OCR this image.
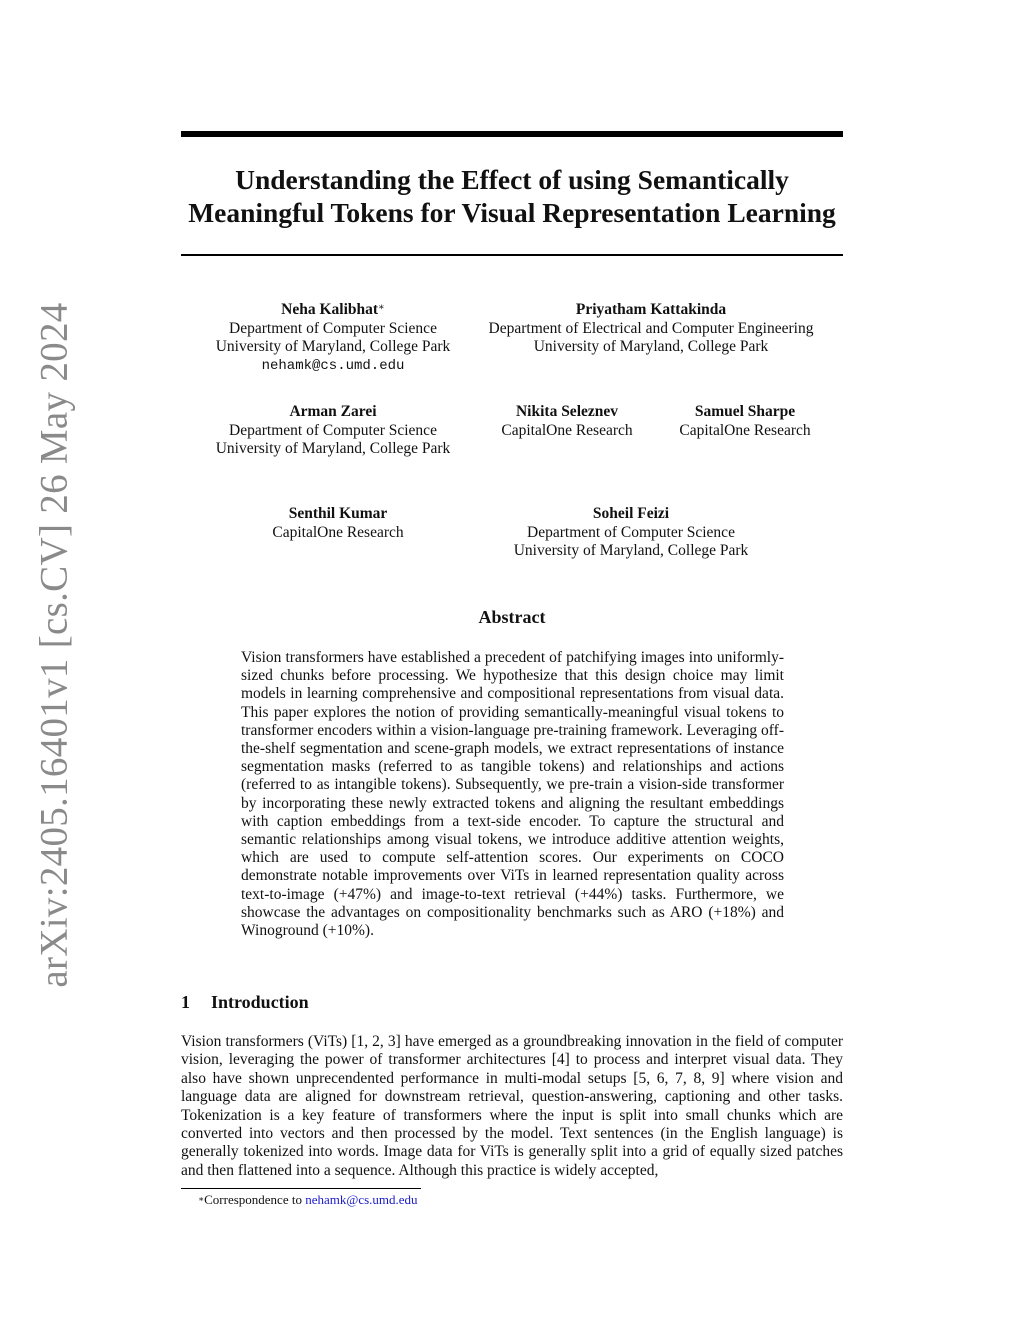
arXiv:2405.16401v1 [cs.CV] 26 May 2024
Understanding the Effect of using Semantically
Meaningful Tokens for Visual Representation Learning
Neha Kalibhat∗
Department of Computer Science
University of Maryland, College Park
nehamk@cs.umd.edu
Priyatham Kattakinda
Department of Electrical and Computer Engineering
University of Maryland, College Park
Arman Zarei
Department of Computer Science
University of Maryland, College Park
Nikita Seleznev
CapitalOne Research
Samuel Sharpe
CapitalOne Research
Senthil Kumar
CapitalOne Research
Soheil Feizi
Department of Computer Science
University of Maryland, College Park
Abstract
Vision transformers have established a precedent of patchifying images into uniformly-sized chunks before processing. We hypothesize that this design choice may limit models in learning comprehensive and compositional representations from visual data. This paper explores the notion of providing semantically-meaningful visual tokens to transformer encoders within a vision-language pre-training framework. Leveraging off-the-shelf segmentation and scene-graph models, we extract representations of instance segmentation masks (referred to as tangible tokens) and relationships and actions (referred to as intangible tokens). Subsequently, we pre-train a vision-side transformer by incorporating these newly extracted tokens and aligning the resultant embeddings with caption embeddings from a text-side encoder. To capture the structural and semantic relationships among visual tokens, we introduce additive attention weights, which are used to compute self-attention scores. Our experiments on COCO demonstrate notable improvements over ViTs in learned representation quality across text-to-image (+47%) and image-to-text retrieval (+44%) tasks. Furthermore, we showcase the advantages on compositionality benchmarks such as ARO (+18%) and Winoground (+10%).
1 Introduction
Vision transformers (ViTs) [1, 2, 3] have emerged as a groundbreaking innovation in the field of computer vision, leveraging the power of transformer architectures [4] to process and interpret visual data. They also have shown unprecendented performance in multi-modal setups [5, 6, 7, 8, 9] where vision and language data are aligned for downstream retrieval, question-answering, captioning and other tasks. Tokenization is a key feature of transformers where the input is split into small chunks which are converted into vectors and then processed by the model. Text sentences (in the English language) is generally tokenized into words. Image data for ViTs is generally split into a grid of equally sized patches and then flattened into a sequence. Although this practice is widely accepted,
∗Correspondence to nehamk@cs.umd.edu
